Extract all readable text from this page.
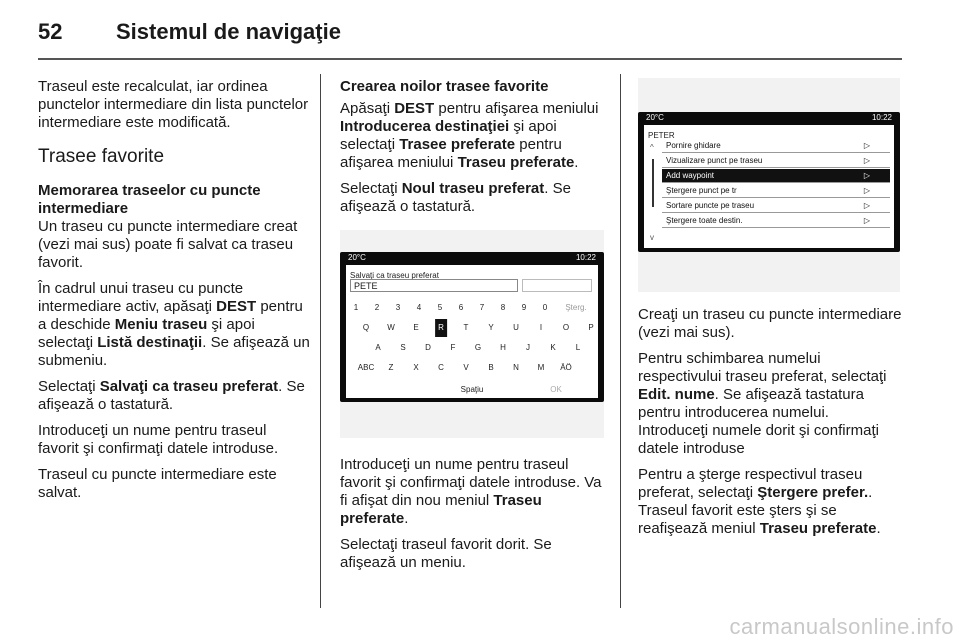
52	Sistemul de navigaţie

Traseul este recalculat, iar ordinea punctelor intermediare din lista punctelor intermediare este modificată.

Trasee favorite
Memorarea traseelor cu puncte intermediare

Un traseu cu puncte intermediare creat (vezi mai sus) poate fi salvat ca traseu favorit.

În cadrul unui traseu cu puncte intermediare activ, apăsaţi DEST pentru a deschide Meniu traseu şi apoi selectaţi Listă destinaţii. Se afişează un submeniu.

Selectaţi Salvaţi ca traseu preferat. Se afişează o tastatură.

Introduceţi un nume pentru traseul favorit şi confirmaţi datele introduse.

Traseul cu puncte intermediare este salvat.

Crearea noilor trasee favorite

Apăsaţi DEST pentru afişarea meniului Introducerea destinaţiei şi apoi selectaţi Trasee preferate pentru afişarea meniului Traseu preferate.

Selectaţi Noul traseu preferat. Se afişează o tastatură.

20°C	10:22
Salvaţi ca traseu preferat
PETE
1 2 3 4 5 6 7 8 9 0 Şterg.
Q W E	R	T Y U	I	O P
A S D F G H	J	K	L
ABC Z X C V B N M ÄÖ
Spaţiu	OK

Introduceţi un nume pentru traseul favorit şi confirmaţi datele introduse. Va fi afişat din nou meniul Traseu preferate.

Selectaţi traseul favorit dorit. Se afişează un meniu.

20°C	10:22
PETER
^
v
Pornire ghidare	▷
Vizualizare punct pe traseu	▷
Add waypoint	▷
Ştergere punct pe tr	▷
Sortare puncte pe traseu	▷
Ştergere toate destin.	▷

Creaţi un traseu cu puncte intermediare (vezi mai sus).

Pentru schimbarea numelui respectivului traseu preferat, selectaţi Edit. nume. Se afişează tastatura pentru introducerea numelui. Introduceţi numele dorit şi confirmaţi datele introduse

Pentru a şterge respectivul traseu preferat, selectaţi Ştergere prefer.. Traseul favorit este şters şi se reafişează meniul Traseu preferate.

carmanualsonline.info
